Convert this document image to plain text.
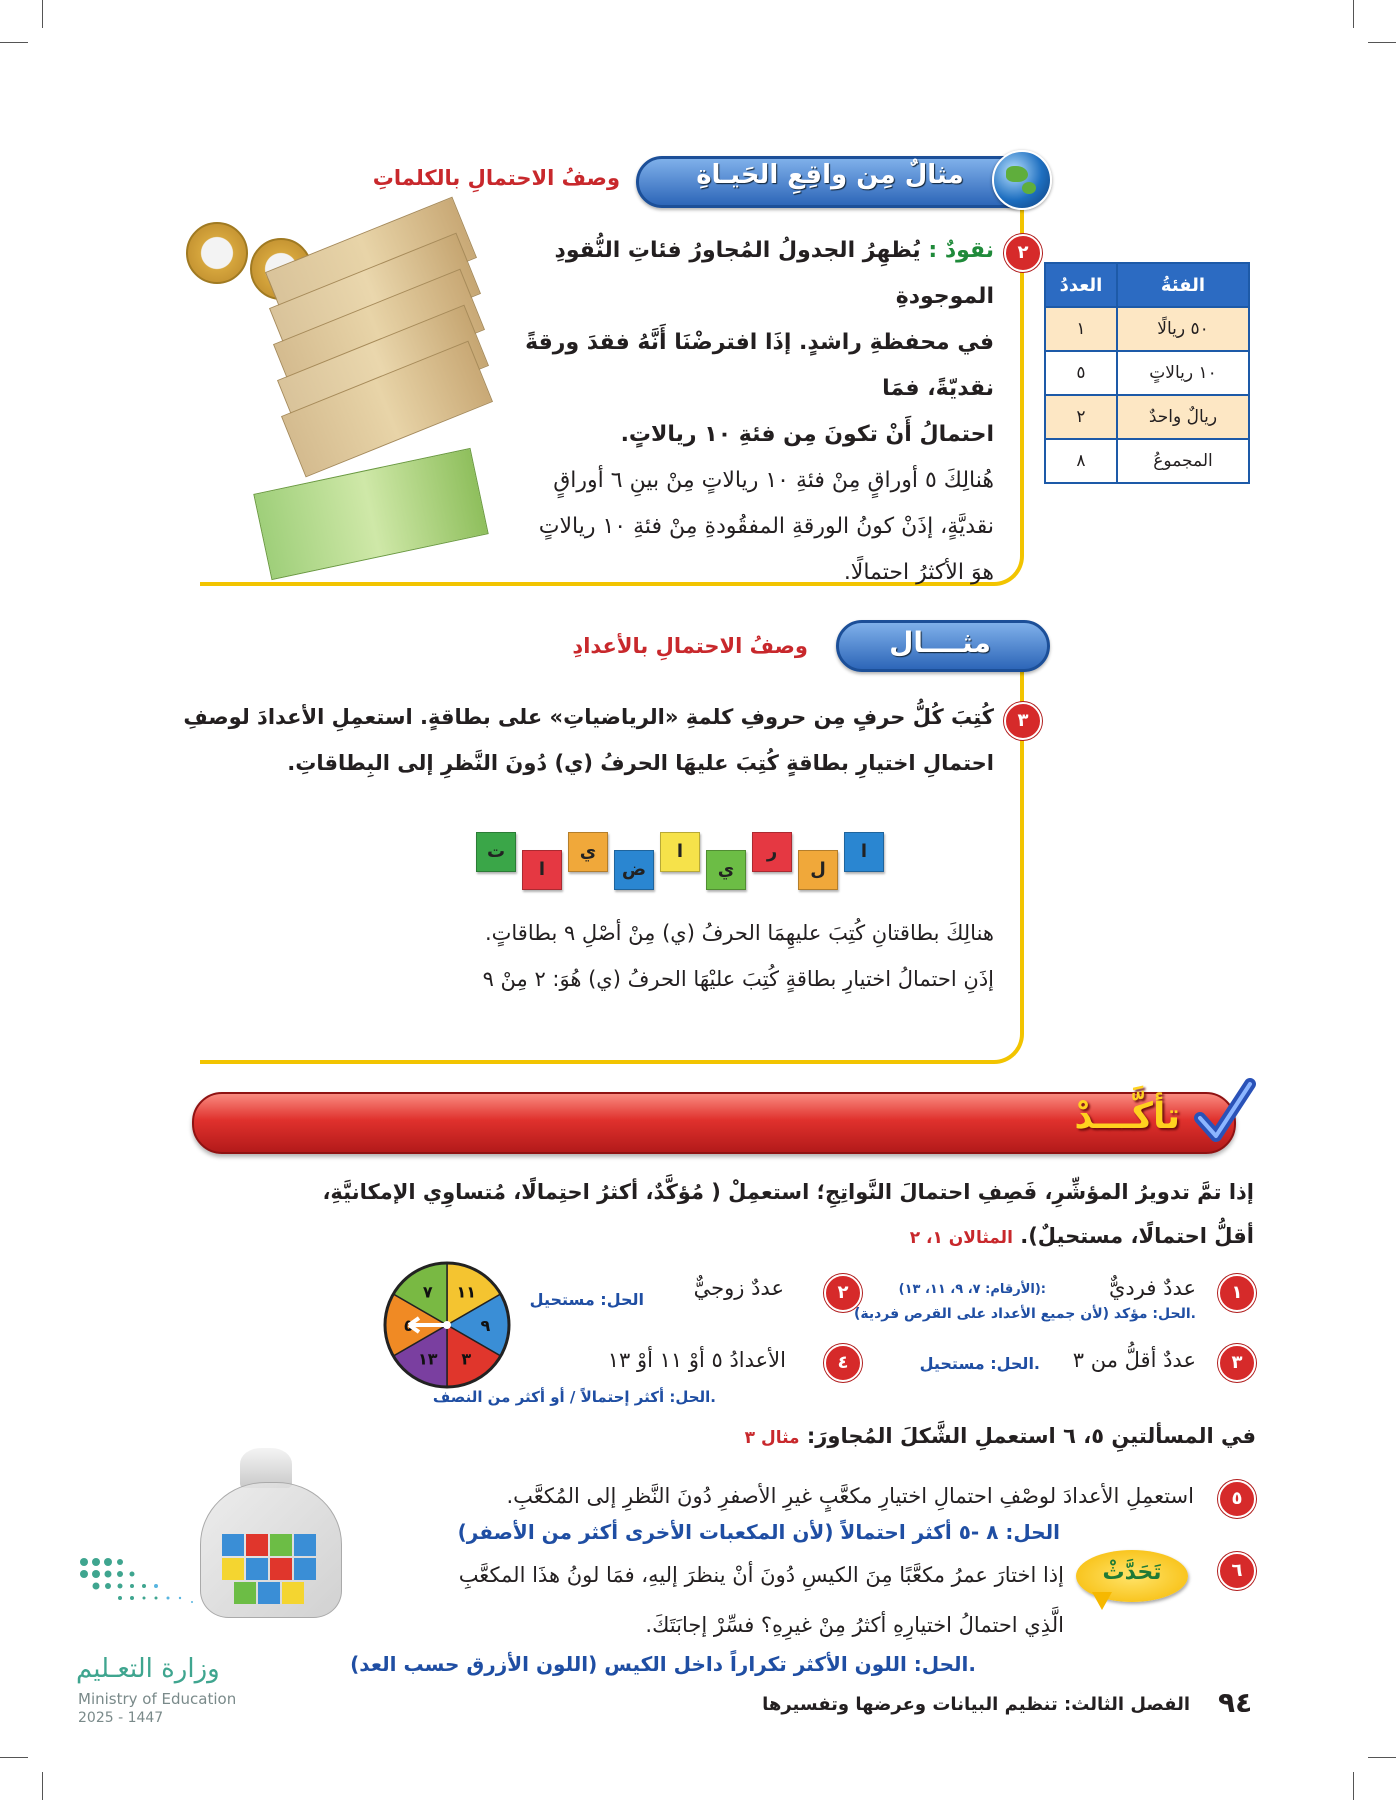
مثالٌ مِن واقِعِ الحَيـاةِ
وصفُ الاحتمالِ بالكلماتِ
٢
نقودٌ : يُظهِرُ الجدولُ المُجاورُ فئاتِ النُّقودِ الموجودةِ
في محفظةِ راشدٍ. إذَا افترضْنَا أَنَّهُ فقدَ ورقةً نقديّةً، فمَا
احتمالُ أَنْ تكونَ مِن فئةِ ١٠ ريالاتٍ.
هُنالِكَ ٥ أوراقٍ مِنْ فئةِ ١٠ ريالاتٍ مِنْ بينِ ٦ أوراقٍ
نقديَّةٍ، إذَنْ كونُ الورقةِ المفقُودةِ مِنْ فئةِ ١٠ ريالاتٍ
هوَ الأكثرُ احتمالًا.
الفئةُ	العددُ
٥٠ ريالًا	١
١٠ ريالاتٍ	٥
ريالٌ واحدٌ	٢
المجموعُ	٨
مثــــال
وصفُ الاحتمالِ بالأعدادِ
٣
كُتِبَ كُلُّ حرفٍ مِن حروفِ كلمةِ «الرياضياتِ» على بطاقةٍ. استعمِلِ الأعدادَ لوصفِ
احتمالِ اختيارِ بطاقةٍ كُتِبَ عليهَا الحرفُ (ي) دُونَ النَّظرِ إلى البِطاقاتِ.
ا
ل
ر
ي
ا
ض
ي
ا
ت
هنالِكَ بطاقتانِ كُتِبَ عليهِمَا الحرفُ (ي) مِنْ أصْلِ ٩ بطاقاتٍ.
إذَنِ احتمالُ اختيارِ بطاقةٍ كُتِبَ عليْهَا الحرفُ (ي) هُوَ: ٢ مِنْ ٩
تأكَّـــدْ
إذا تمَّ تدويرُ المؤشِّرِ، فَصِفِ احتمالَ النَّواتِجِ؛ استعمِلْ ( مُؤكَّدٌ، أكثرُ احتِمالًا، مُتساوِي الإمكانيَّةِ،
أقلُّ احتمالًا، مستحيلٌ). المثالان ١، ٢
١
عددٌ فرديٌّ
:(الأرقام: ٧، ٩، ١١، ١٣)
.الحل: مؤكد (لأن جميع الأعداد على القرص فردية)
٢
عددٌ زوجيٌّ
الحل: مستحيل
٣
عددٌ أقلُّ من ٣
.الحل: مستحيل
٤
الأعدادُ ٥ أوْ ١١ أوْ ١٣
.الحل: أكثر إحتمالاً / أو أكثر من النصف
١١
٩
٣
١٣
٥
٧
في المسألتينِ ٥، ٦ استعملِ الشَّكلَ المُجاورَ: مثال ٣
٥
استعمِلِ الأعدادَ لوصْفِ احتمالِ اختيارِ مكعَّبٍ غيرِ الأصفرِ دُونَ النَّظرِ إلى المُكعَّبِ.
الحل: ٨ -٥ أكثر احتمالاً (لأن المكعبات الأخرى أكثر من الأصفر)
تَحَدَّثْ	٦
إذا اختارَ عمرُ مكعَّبًا مِنَ الكيسِ دُونَ أنْ ينظرَ إليهِ، فمَا لونُ هذَا المكعَّبِ
الَّذِي احتمالُ اختيارِهِ أكثرُ مِنْ غيرِهِ؟ فسِّرْ إجابَتَكَ.
.الحل: اللون الأكثر تكراراً داخل الكيس (اللون الأزرق حسب العد)
٩٤
الفصل الثالث: تنظيم البيانات وعرضها وتفسيرها
وزارة التعـليم
Ministry of Education
2025 - 1447
